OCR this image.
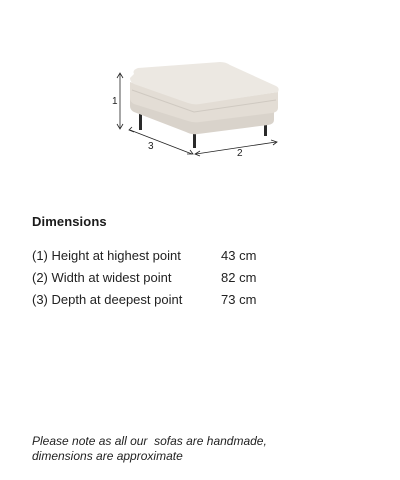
1
3
2
Dimensions
(1) Height at highest point	43 cm
(2) Width at widest point	82 cm
(3) Depth at deepest point	73 cm
Please note as all our  sofas are handmade,
dimensions are approximate
